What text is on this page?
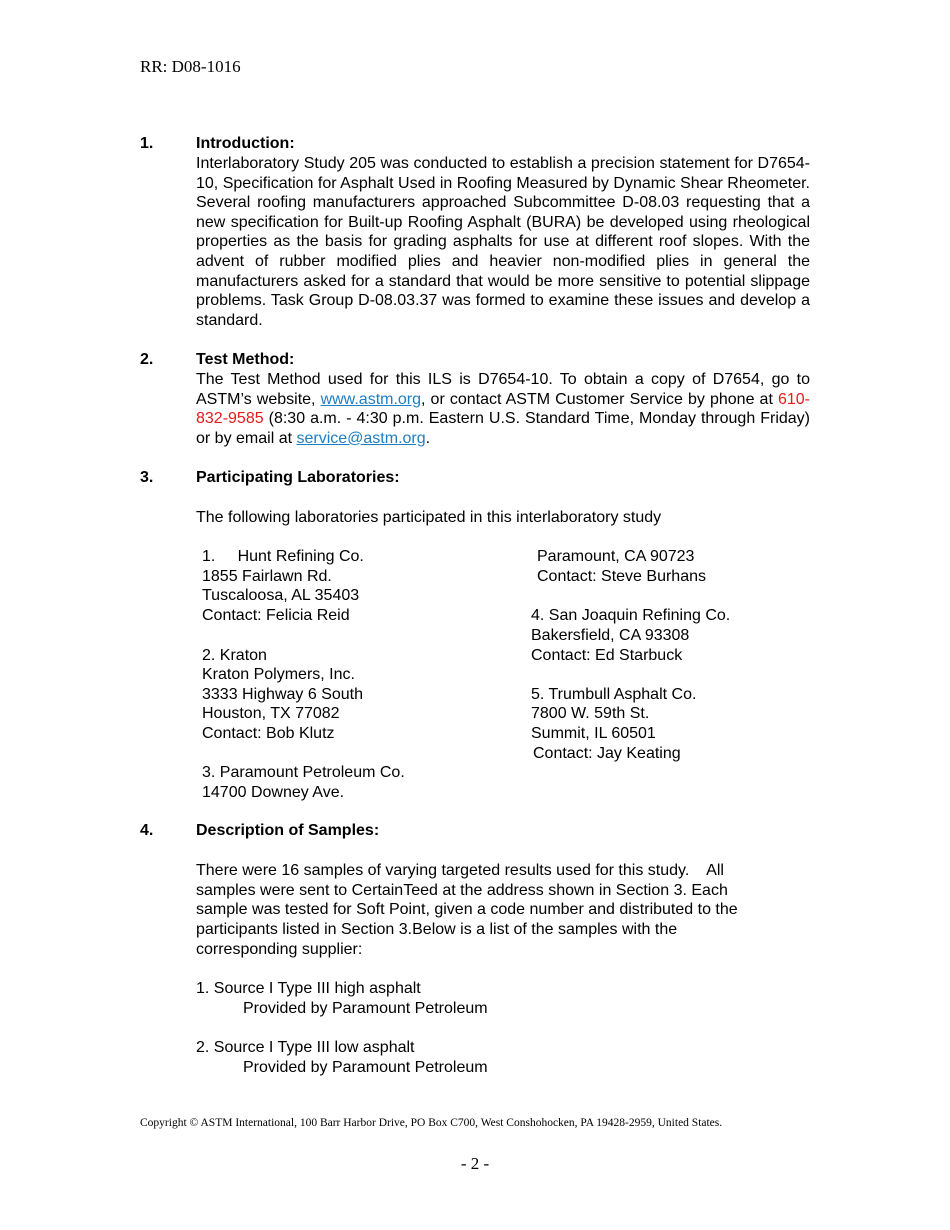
RR: D08-1016
1.	Introduction:
Interlaboratory Study 205 was conducted to establish a precision statement for D7654-10, Specification for Asphalt Used in Roofing Measured by Dynamic Shear Rheometer. Several roofing manufacturers approached Subcommittee D-08.03 requesting that a new specification for Built-up Roofing Asphalt (BURA) be developed using rheological properties as the basis for grading asphalts for use at different roof slopes. With the advent of rubber modified plies and heavier non-modified plies in general the manufacturers asked for a standard that would be more sensitive to potential slippage problems. Task Group D-08.03.37 was formed to examine these issues and develop a standard.
2.	Test Method:
The Test Method used for this ILS is D7654-10. To obtain a copy of D7654, go to ASTM’s website, www.astm.org, or contact ASTM Customer Service by phone at 610-832-9585 (8:30 a.m. - 4:30 p.m. Eastern U.S. Standard Time, Monday through Friday) or by email at service@astm.org.
3.	Participating Laboratories:
The following laboratories participated in this interlaboratory study
1.     Hunt Refining Co.
1855 Fairlawn Rd.
Tuscaloosa, AL 35403
Contact: Felicia Reid
2. Kraton
Kraton Polymers, Inc.
3333 Highway 6 South
Houston, TX 77082
Contact: Bob Klutz
3. Paramount Petroleum Co.
14700 Downey Ave.
Paramount, CA 90723
Contact: Steve Burhans
4. San Joaquin Refining Co.
Bakersfield, CA 93308
Contact: Ed Starbuck
5. Trumbull Asphalt Co.
7800 W. 59th St.
Summit, IL 60501
Contact: Jay Keating
4.	Description of Samples:
There were 16 samples of varying targeted results used for this study.    All
samples were sent to CertainTeed at the address shown in Section 3. Each
sample was tested for Soft Point, given a code number and distributed to the
participants listed in Section 3.Below is a list of the samples with the
corresponding supplier:
1. Source I Type III high asphalt
Provided by Paramount Petroleum
2. Source I Type III low asphalt
Provided by Paramount Petroleum
Copyright © ASTM International, 100 Barr Harbor Drive, PO Box C700, West Conshohocken, PA 19428-2959, United States.
- 2 -
